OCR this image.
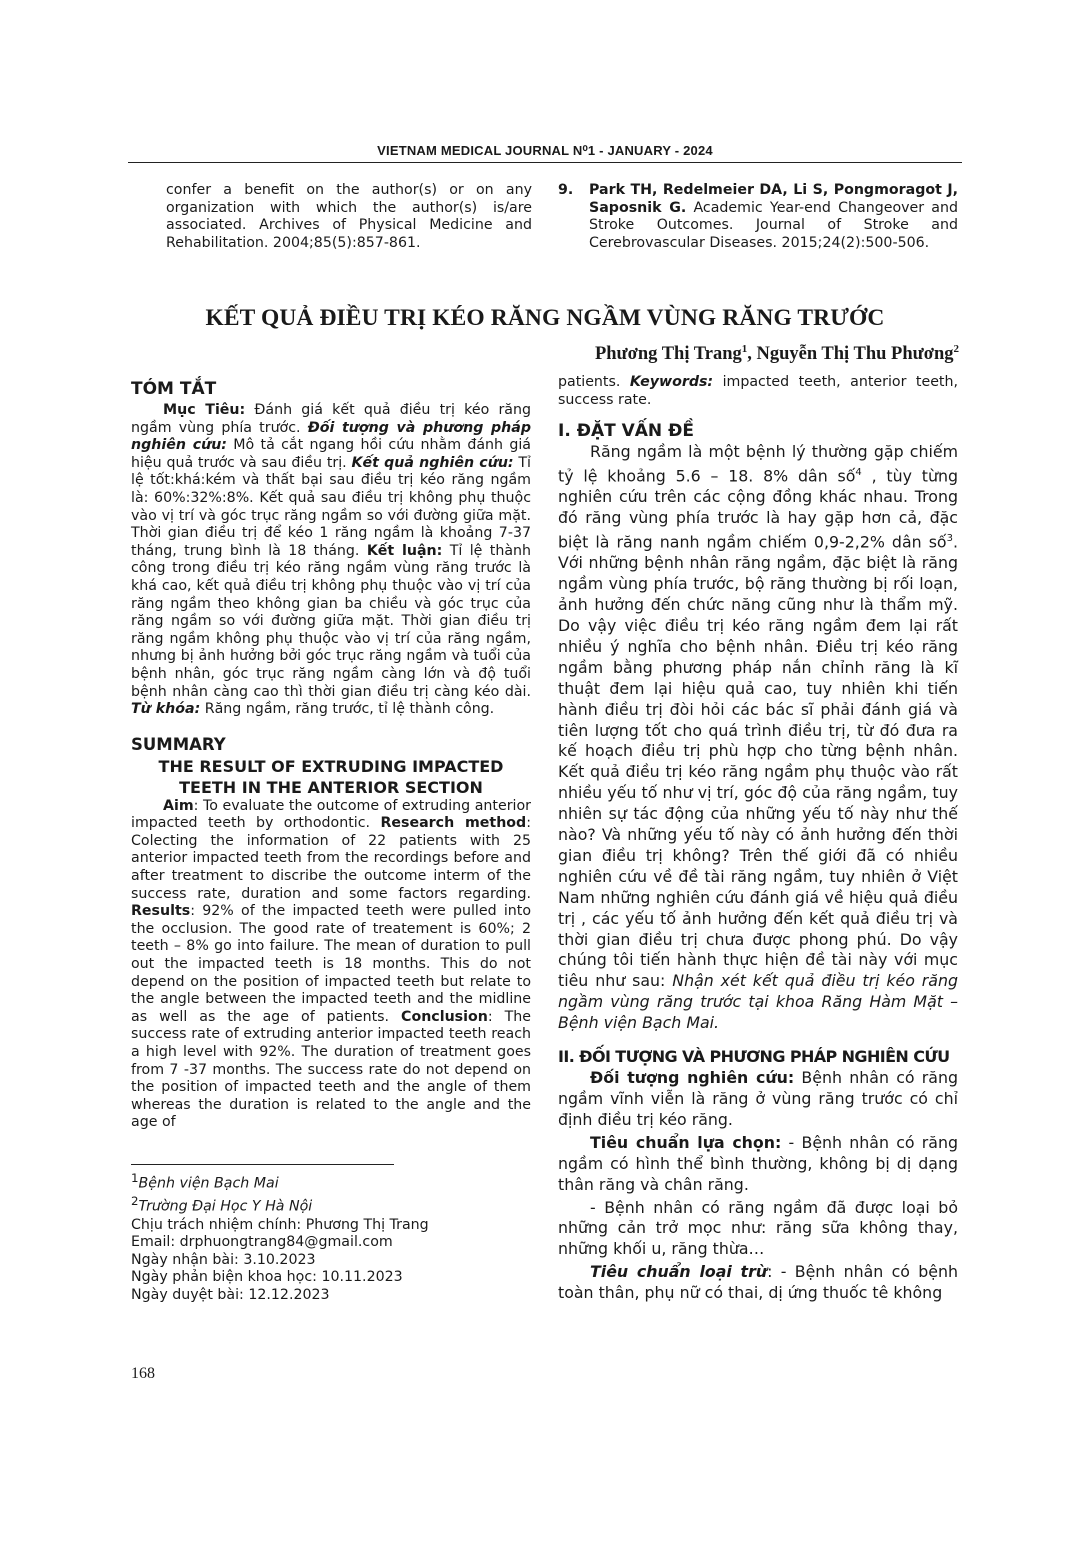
VIETNAM MEDICAL JOURNAL N⁰1 - JANUARY - 2024
confer a benefit on the author(s) or on any organization with which the author(s) is/are associated. Archives of Physical Medicine and Rehabilitation. 2004;85(5):857-861.
9.	Park TH, Redelmeier DA, Li S, Pongmoragot J, Saposnik G. Academic Year-end Changeover and Stroke Outcomes. Journal of Stroke and Cerebrovascular Diseases. 2015;24(2):500-506.
KẾT QUẢ ĐIỀU TRỊ KÉO RĂNG NGẦM VÙNG RĂNG TRƯỚC
Phương Thị Trang$^1$, Nguyễn Thị Thu Phương$^2$

TÓM TẮT

Mục Tiêu: Đánh giá kết quả điều trị kéo răng ngầm vùng phía trước. Đối tượng và phương pháp nghiên cứu: Mô tả cắt ngang hồi cứu nhằm đánh giá hiệu quả trước và sau điều trị. Kết quả nghiên cứu: Tỉ lệ tốt:khá:kém và thất bại sau điều trị kéo răng ngầm là: 60%:32%:8%. Kết quả sau điều trị không phụ thuộc vào vị trí và góc trục răng ngầm so với đường giữa mặt. Thời gian điều trị để kéo 1 răng ngầm là khoảng 7-37 tháng, trung bình là 18 tháng. Kết luận: Tỉ lệ thành công trong điều trị kéo răng ngầm vùng răng trước là khá cao, kết quả điều trị không phụ thuộc vào vị trí của răng ngầm theo không gian ba chiều và góc trục của răng ngầm so với đường giữa mặt. Thời gian điều trị răng ngầm không phụ thuộc vào vị trí của răng ngầm, nhưng bị ảnh hưởng bởi góc trục răng ngầm và tuổi của bệnh nhân, góc trục răng ngầm càng lớn và độ tuổi bệnh nhân càng cao thì thời gian điều trị càng kéo dài. Từ khóa: Răng ngầm, răng trước, tỉ lệ thành công.

SUMMARY

THE RESULT OF EXTRUDING IMPACTED

TEETH IN THE ANTERIOR SECTION

Aim: To evaluate the outcome of extruding anterior impacted teeth by orthodontic. Research method: Colecting the information of 22 patients with 25 anterior impacted teeth from the recordings before and after treatment to discribe the outcome interm of the success rate, duration and some factors regarding. Results: 92% of the impacted teeth were pulled into the occlusion. The good rate of treatement is 60%; 2 teeth – 8% go into failure. The mean of duration to pull out the impacted teeth is 18 months. This do not depend on the position of impacted teeth but relate to the angle between the impacted teeth and the midline as well as the age of patients. Conclusion: The success rate of extruding anterior impacted teeth reach a high level with 92%. The duration of treatment goes from 7 -37 months. The success rate do not depend on the position of impacted teeth and the angle of them whereas the duration is related to the angle and the age of

$^1$Bệnh viện Bạch Mai

$^2$Trường Đại Học Y Hà Nội

Chịu trách nhiệm chính: Phương Thị Trang

Email: drphuongtrang84@gmail.com

Ngày nhận bài: 3.10.2023

Ngày phản biện khoa học: 10.11.2023

Ngày duyệt bài: 12.12.2023

patients. Keywords: impacted teeth, anterior teeth, success rate.

I. ĐẶT VẤN ĐỀ

Răng ngầm là một bệnh lý thường gặp chiếm tỷ lệ khoảng 5.6 – 18. 8% dân số$^4$ , tùy từng nghiên cứu trên các cộng đồng khác nhau. Trong đó răng vùng phía trước là hay gặp hơn cả, đặc biệt là răng nanh ngầm chiếm 0,9-2,2% dân số$^3$. Với những bệnh nhân răng ngầm, đặc biệt là răng ngầm vùng phía trước, bộ răng thường bị rối loạn, ảnh hưởng đến chức năng cũng như là thẩm mỹ. Do vậy việc điều trị kéo răng ngầm đem lại rất nhiều ý nghĩa cho bệnh nhân. Điều trị kéo răng ngầm bằng phương pháp nắn chỉnh răng là kĩ thuật đem lại hiệu quả cao, tuy nhiên khi tiến hành điều trị đòi hỏi các bác sĩ phải đánh giá và tiên lượng tốt cho quá trình điều trị, từ đó đưa ra kế hoạch điều trị phù hợp cho từng bệnh nhân. Kết quả điều trị kéo răng ngầm phụ thuộc vào rất nhiều yếu tố như vị trí, góc độ của răng ngầm, tuy nhiên sự tác động của những yếu tố này như thế nào? Và những yếu tố này có ảnh hưởng đến thời gian điều trị không? Trên thế giới đã có nhiều nghiên cứu về đề tài răng ngầm, tuy nhiên ở Việt Nam những nghiên cứu đánh giá về hiệu quả điều trị , các yếu tố ảnh hưởng đến kết quả điều trị và thời gian điều trị chưa được phong phú. Do vậy chúng tôi tiến hành thực hiện đề tài này với mục tiêu như sau: Nhận xét kết quả điều trị kéo răng ngầm vùng răng trước tại khoa Răng Hàm Mặt – Bệnh viện Bạch Mai.

II. ĐỐI TƯỢNG VÀ PHƯƠNG PHÁP NGHIÊN CỨU

Đối tượng nghiên cứu: Bệnh nhân có răng ngầm vĩnh viễn là răng ở vùng răng trước có chỉ định điều trị kéo răng.

Tiêu chuẩn lựa chọn: - Bệnh nhân có răng ngầm có hình thể bình thường, không bị dị dạng thân răng và chân răng.

- Bệnh nhân có răng ngầm đã được loại bỏ những cản trở mọc như: răng sữa không thay, những khối u, răng thừa…

Tiêu chuẩn loại trừ: - Bệnh nhân có bệnh toàn thân, phụ nữ có thai, dị ứng thuốc tê không

168
